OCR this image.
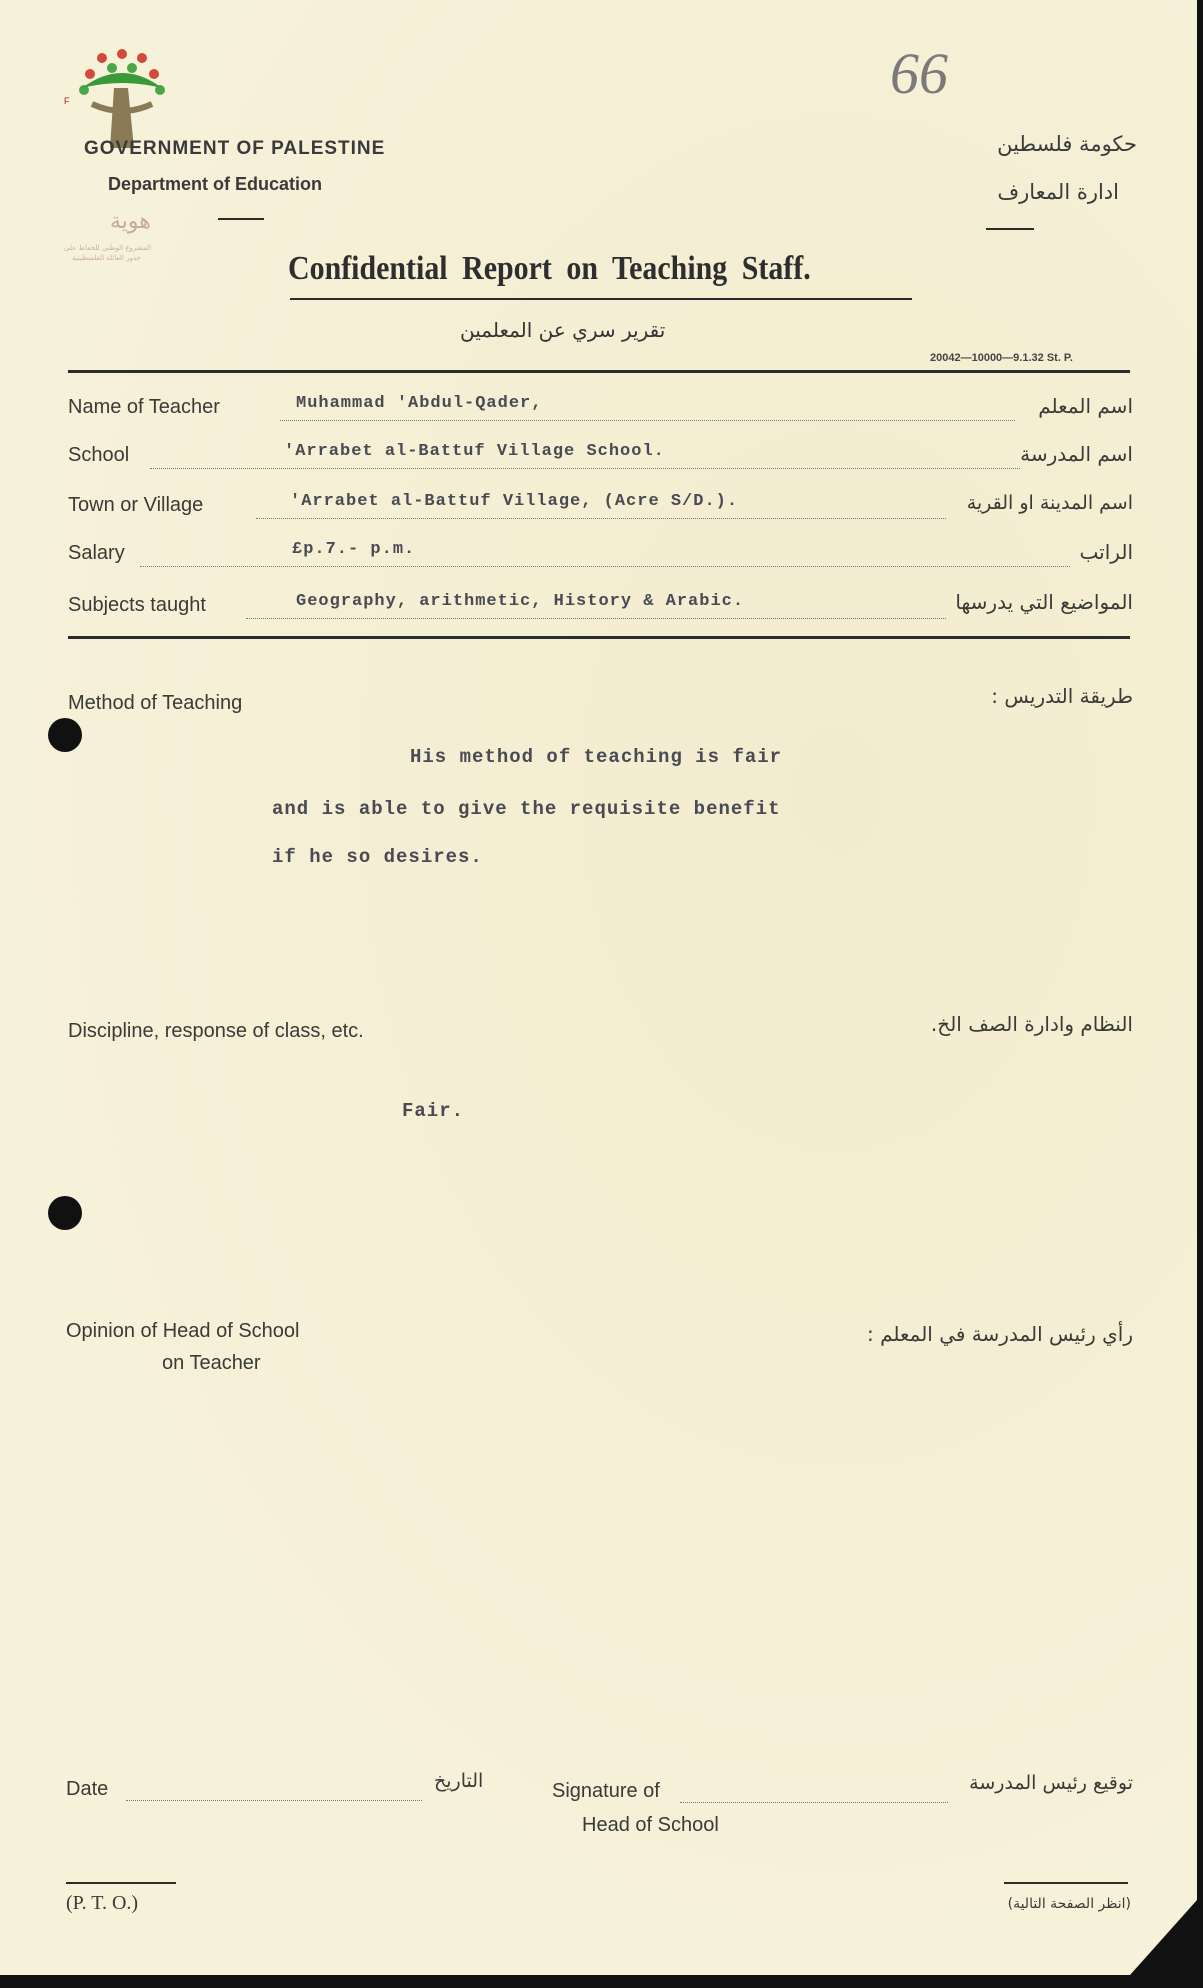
F
هوية
المشروع الوطني للحفاظ على
جذور العائلة الفلسطينية
GOVERNMENT OF PALESTINE
Department of Education
66
حكومة فلسطين
ادارة المعارف
Confidential Report on Teaching Staff.
تقرير سري عن المعلمين
20042—10000—9.1.32 St. P.
Name of Teacher	Muhammad 'Abdul-Qader,	اسم المعلم
School	'Arrabet al-Battuf Village School.	اسم المدرسة
Town or Village	'Arrabet al-Battuf Village, (Acre S/D.).	اسم المدينة او القرية
Salary	£p.7.- p.m.	الراتب
Subjects taught	Geography, arithmetic, History & Arabic.	المواضيع التي يدرسها
Method of Teaching	طريقة التدريس :
His method of teaching is fair
and is able to give the requisite benefit
if he so desires.
Discipline, response of class, etc.	النظام وادارة الصف الخ.
Fair.
Opinion of Head of School
on Teacher
رأي رئيس المدرسة في المعلم :
Date	التاريخ	Signature of
Head of School
توقيع رئيس المدرسة
(P. T. O.)	(انظر الصفحة التالية)
